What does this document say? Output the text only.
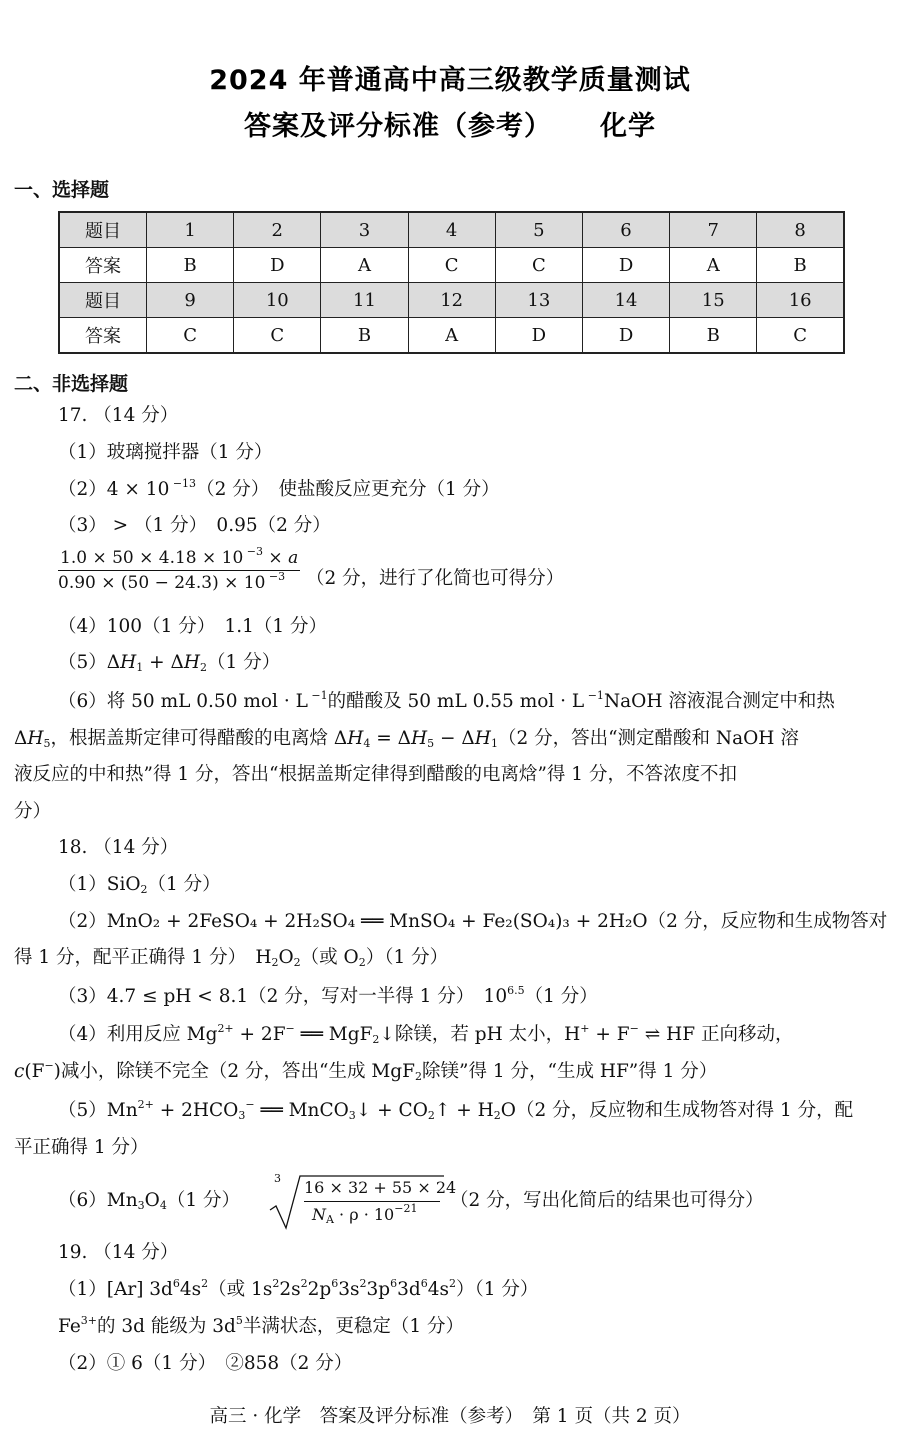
2024 年普通高中高三级教学质量测试
答案及评分标准（参考） 化学
一、选择题
题目	1	2	3	4	5	6	7	8
答案	B	D	A	C	C	D	A	B
题目	9	10	11	12	13	14	15	16
答案	C	C	B	A	D	D	B	C
二、非选择题
17. （14 分）
（1）玻璃搅拌器（1 分）
（2）4 × 10 $^{-13}$（2 分）　使盐酸反应更充分（1 分）
（3） > （1 分）　0.95（2 分）
$\frac{1.0 \times 50 \times 4.18 \times 10 ^{-3} \times a}{0.90 \times (50 - 24.3) \times 10 ^{-3}} (2$ 分，进行了化简也可得分）
（4）100（1 分）　1.1（1 分）
$(5)\Delta H_1 + \Delta H_2(1$ 分）
（6）将 50 mL 0.50 mol · L $^{-1}$的醋酸及 50 mL 0.55 mol · L $^{-1}$NaOH 溶液混合测定中和热
$\Delta H_5$，根据盖斯定律可得醋酸的电离焓 $\Delta H_4 = \Delta H_5 - \Delta H_1(2$ 分，答出“测定醋酸和 NaOH 溶
液反应的中和热”得 1 分，答出“根据盖斯定律得到醋酸的电离焓”得 1 分，不答浓度不扣
分）
18. （14 分）
（1）SiO$_2$（1 分）
（2）MnO₂ + 2FeSO₄ + 2H₂SO₄ ══ MnSO₄ + Fe₂(SO₄)₃ + 2H₂O（2 分，反应物和生成物答对
得 1 分，配平正确得 1 分）　$H_2O_2$（或 $O_2)(1$ 分）
（3）4.7 ≤ pH < 8.1（2 分，写对一半得 1 分）　$10^{6.5}(1$ 分）
（4）利用反应 $Mg^{2+} + 2F^-$ ══ MgF$_2$↓除镁，若 pH 太小，H+ + F− ⇌ HF 正向移动，
c(F−)减小，除镁不完全（2 分，答出“生成 MgF$_2$除镁”得 1 分，“生成 HF”得 1 分）
$(5)Mn^{2+} + 2HCO_3^-$ ══ MnCO$_3$↓ + $CO_2↑ + H_2O(2$ 分，反应物和生成物答对得 1 分，配
平正确得 1 分）
$(6)Mn_3O_4(1$ 分）
3 16 × 32 + 55 × 24
$N_A \cdot \rho \cdot 10^{-21}$ （2 分，写出化简后的结果也可得分）
19. （14 分）
（1）[Ar] $3d^64s^2$（或 $1s^22s^22p^63s^23p^63d^64s^2)(1$ 分）
$Fe^{3+}$的 3d 能级为 $3d^5$半满状态，更稳定（1 分）
（2）① 6（1 分）　②858（2 分）
高三 · 化学　答案及评分标准（参考）　第 1 页（共 2 页）
